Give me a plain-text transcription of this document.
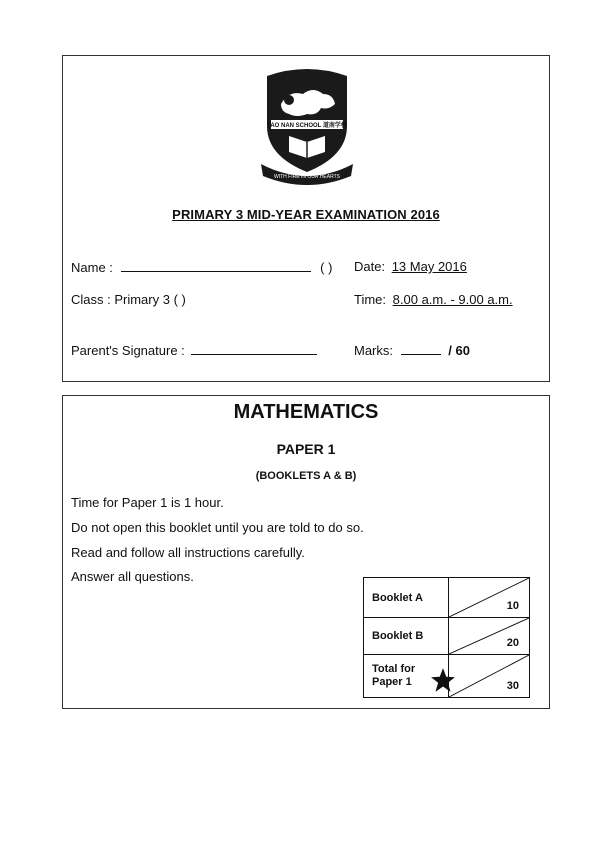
TAO NAN SCHOOL 道南学校
WITH FIRE IN OUR HEARTS
PRIMARY 3 MID-YEAR EXAMINATION 2016
Name :	( ) Date: 13 May 2016
Class : Primary 3 ( )	Time: 8.00 a.m. - 9.00 a.m.
Parent's Signature :	Marks:	/ 60
MATHEMATICS
PAPER 1
(BOOKLETS A & B)
Time for Paper 1 is 1 hour.
Do not open this booklet until you are told to do so.
Read and follow all instructions carefully.
Answer all questions.
Booklet A	10

Booklet B	20

Total for Paper 1	30
